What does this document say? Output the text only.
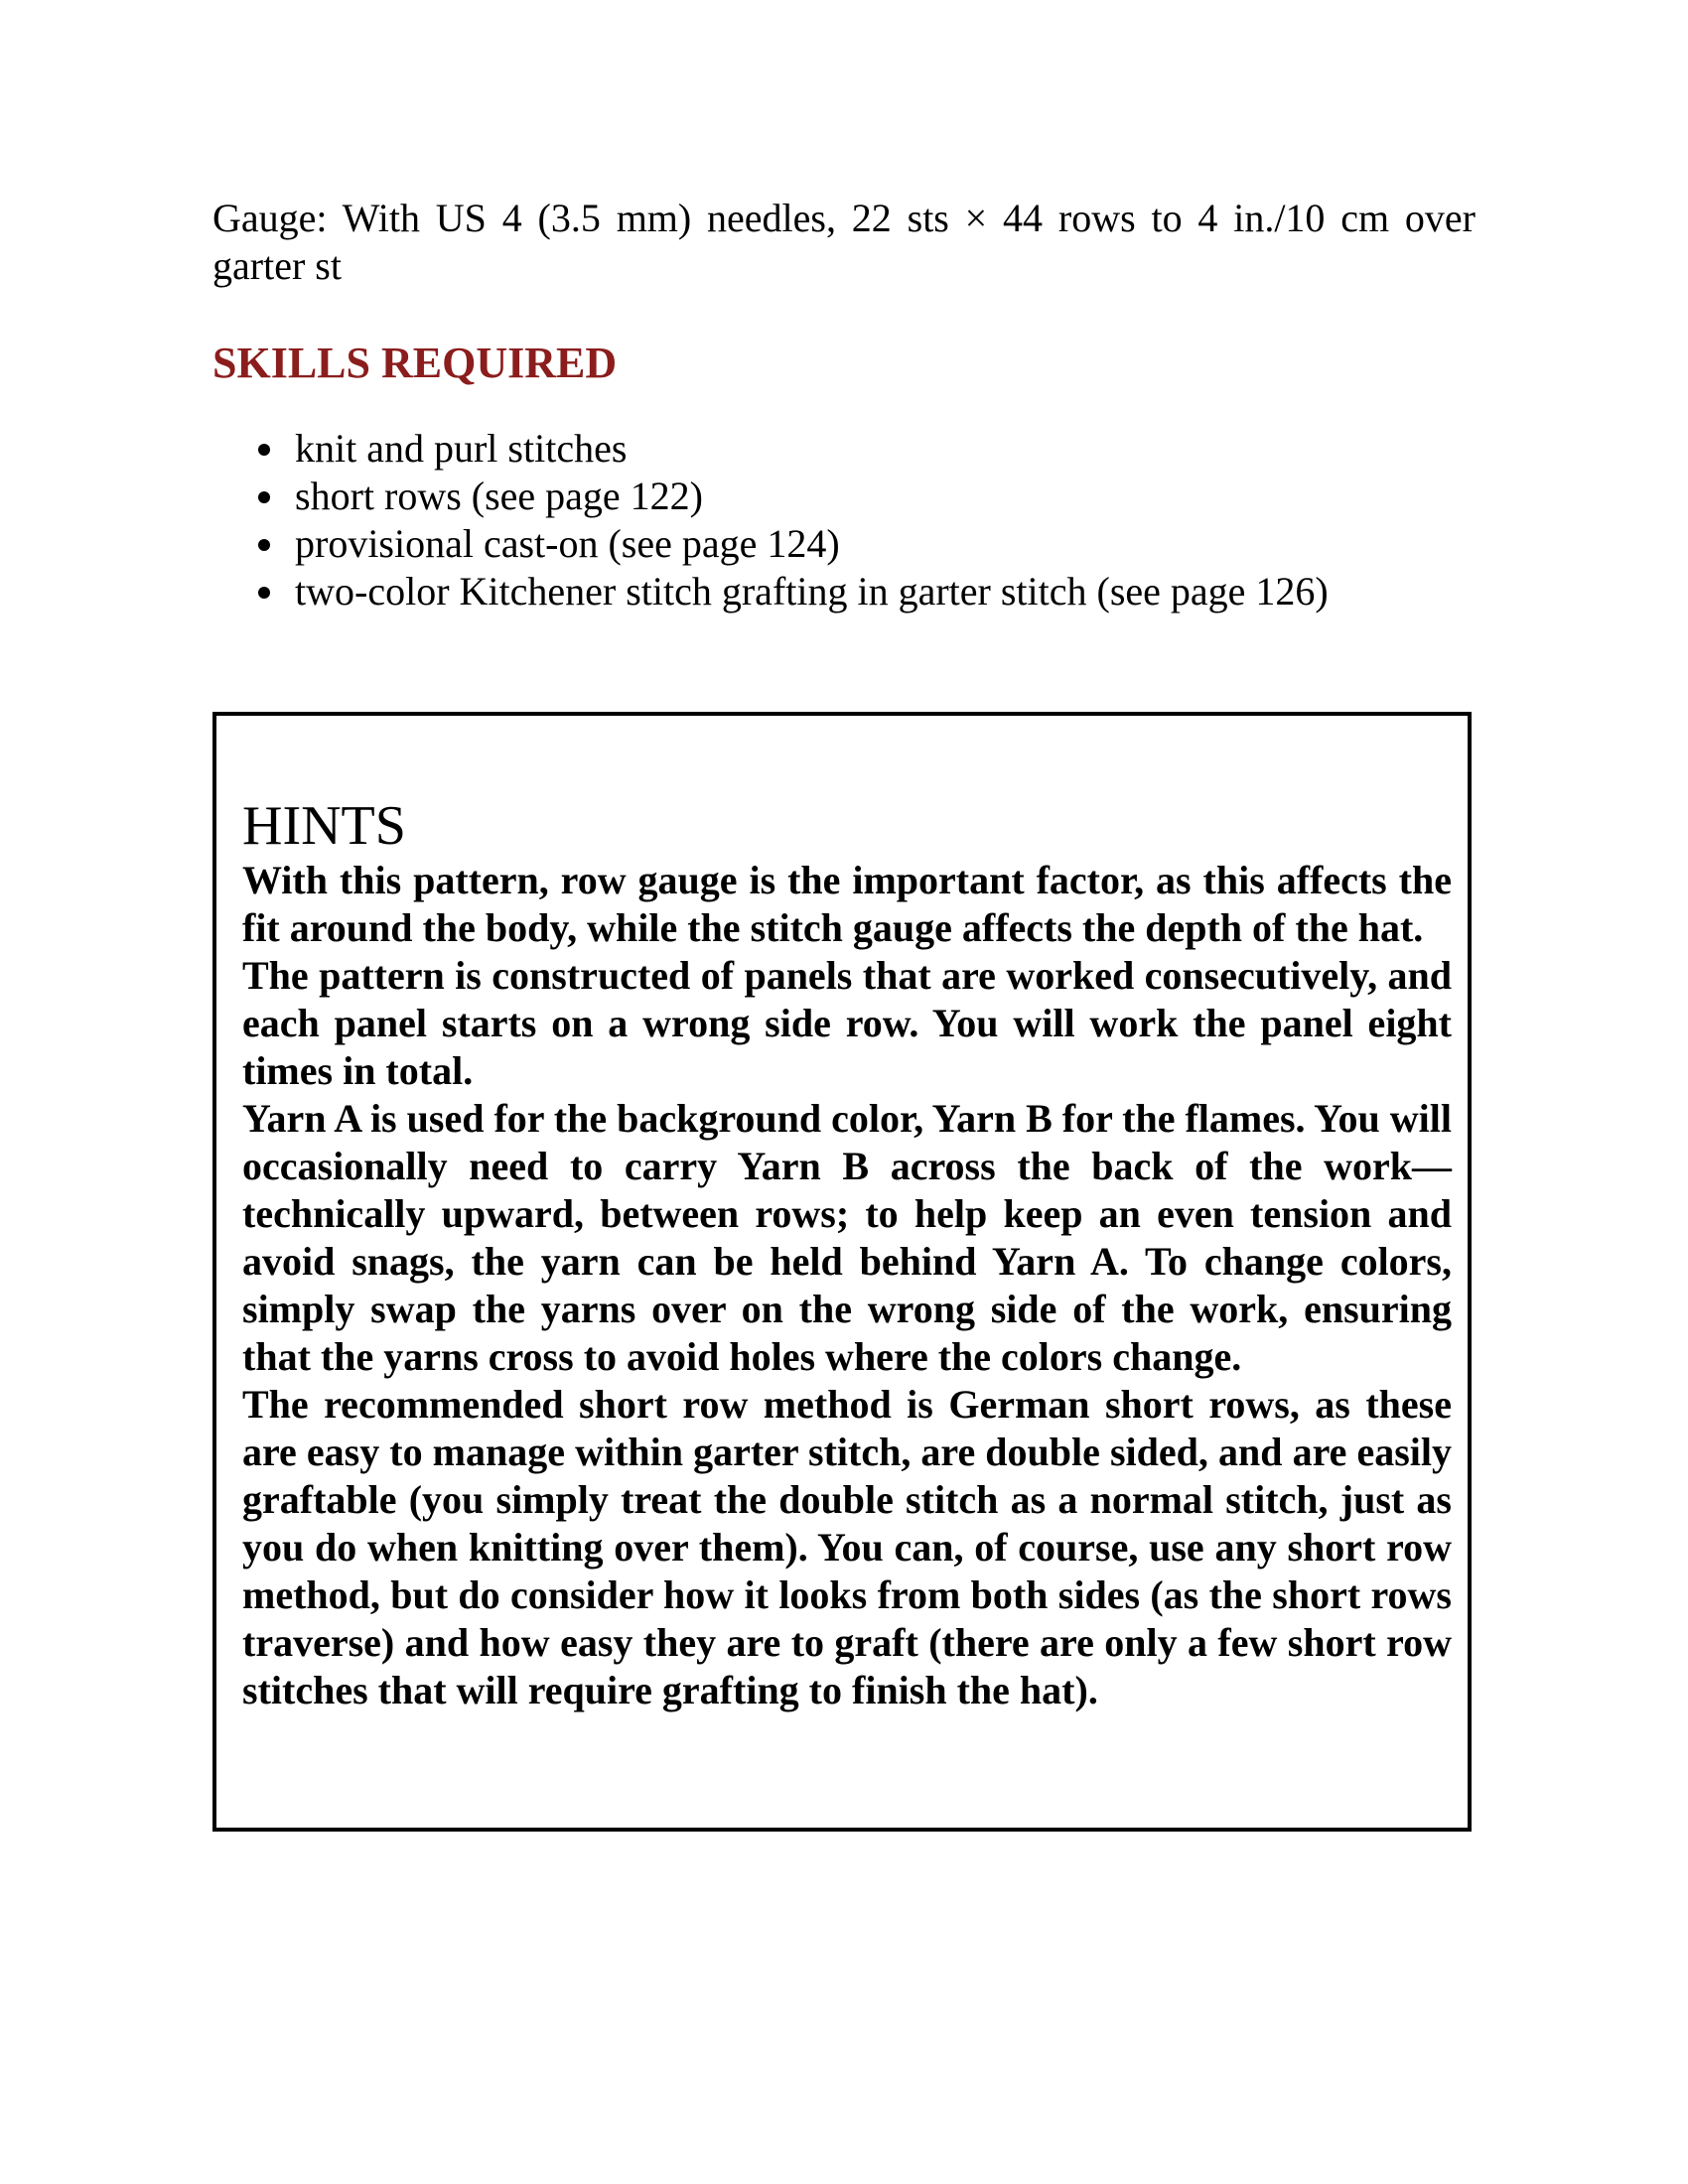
Gauge: With US 4 (3.5 mm) needles, 22 sts × 44 rows to 4 in./10 cm over garter st

SKILLS REQUIRED
knit and purl stitches
short rows (see page 122)
provisional cast-on (see page 124)
two-color Kitchener stitch grafting in garter stitch (see page 126)
HINTS

With this pattern, row gauge is the important factor, as this affects the fit around the body, while the stitch gauge affects the depth of the hat.

The pattern is constructed of panels that are worked consecutively, and each panel starts on a wrong side row. You will work the panel eight times in total.

Yarn A is used for the background color, Yarn B for the flames. You will occasionally need to carry Yarn B across the back of the work—technically upward, between rows; to help keep an even tension and avoid snags, the yarn can be held behind Yarn A. To change colors, simply swap the yarns over on the wrong side of the work, ensuring that the yarns cross to avoid holes where the colors change.

The recommended short row method is German short rows, as these are easy to manage within garter stitch, are double sided, and are easily graftable (you simply treat the double stitch as a normal stitch, just as you do when knitting over them). You can, of course, use any short row method, but do consider how it looks from both sides (as the short rows traverse) and how easy they are to graft (there are only a few short row stitches that will require grafting to finish the hat).
